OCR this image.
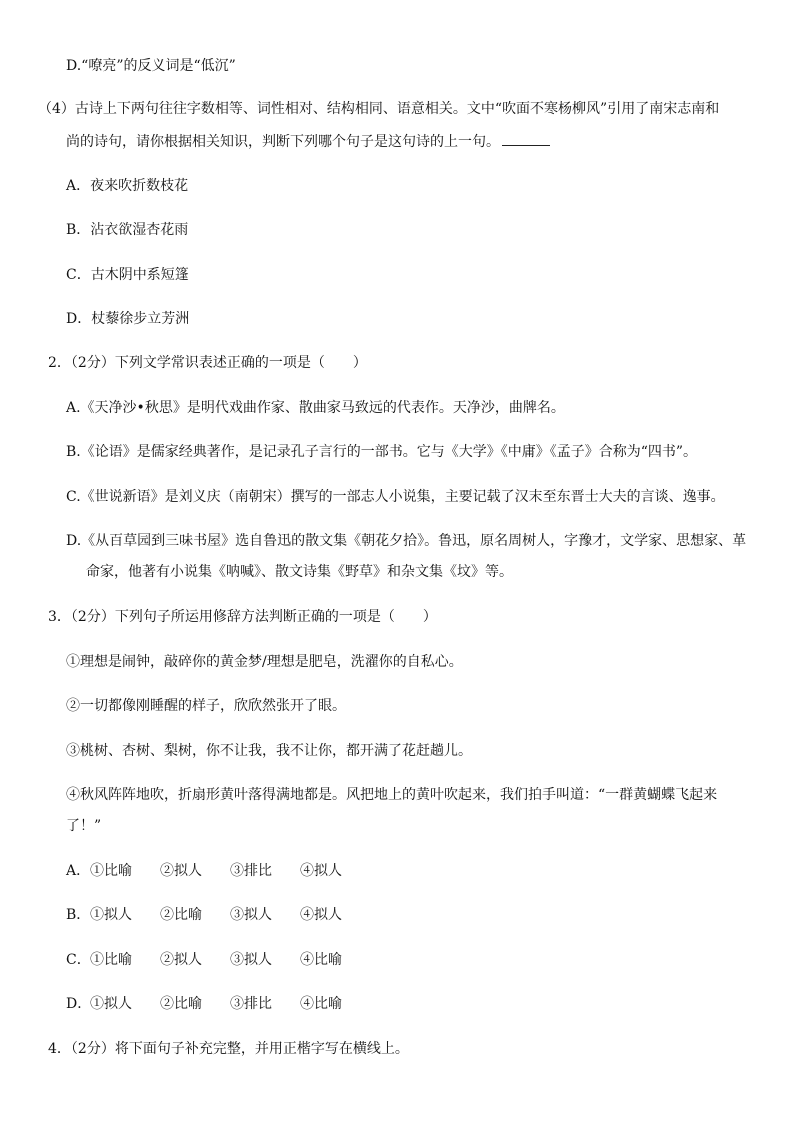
D.“嘹亮”的反义词是“低沉”
（4）古诗上下两句往往字数相等、词性相对、结构相同、语意相关。文中“吹面不寒杨柳风”引用了南宋志南和
尚的诗句，请你根据相关知识，判断下列哪个句子是这句诗的上一句。
A．夜来吹折数枝花
B．沾衣欲湿杏花雨
C．古木阴中系短篷
D．杖藜徐步立芳洲
2．（2分）下列文学常识表述正确的一项是（　　）
A.《天净沙•秋思》是明代戏曲作家、散曲家马致远的代表作。天净沙，曲牌名。
B.《论语》是儒家经典著作，是记录孔子言行的一部书。它与《大学》《中庸》《孟子》合称为“四书”。
C.《世说新语》是刘义庆（南朝宋）撰写的一部志人小说集，主要记载了汉末至东晋士大夫的言谈、逸事。
D.《从百草园到三味书屋》选自鲁迅的散文集《朝花夕拾》。鲁迅，原名周树人，字豫才，文学家、思想家、革
命家，他著有小说集《呐喊》、散文诗集《野草》和杂文集《坟》等。
3．（2分）下列句子所运用修辞方法判断正确的一项是（　　）
①理想是闹钟，敲碎你的黄金梦/理想是肥皂，洗濯你的自私心。
②一切都像刚睡醒的样子，欣欣然张开了眼。
③桃树、杏树、梨树，你不让我，我不让你，都开满了花赶趟儿。
④秋风阵阵地吹，折扇形黄叶落得满地都是。风把地上的黄叶吹起来，我们拍手叫道：“一群黄蝴蝶飞起来
了！”
A． ①比喻 ②拟人 ③排比 ④拟人
B． ①拟人 ②比喻 ③拟人 ④拟人
C． ①比喻 ②拟人 ③拟人 ④比喻
D．
①拟人 ②比喻 ③排比 ④比喻
4．（2分）将下面句子补充完整，并用正楷字写在横线上。
